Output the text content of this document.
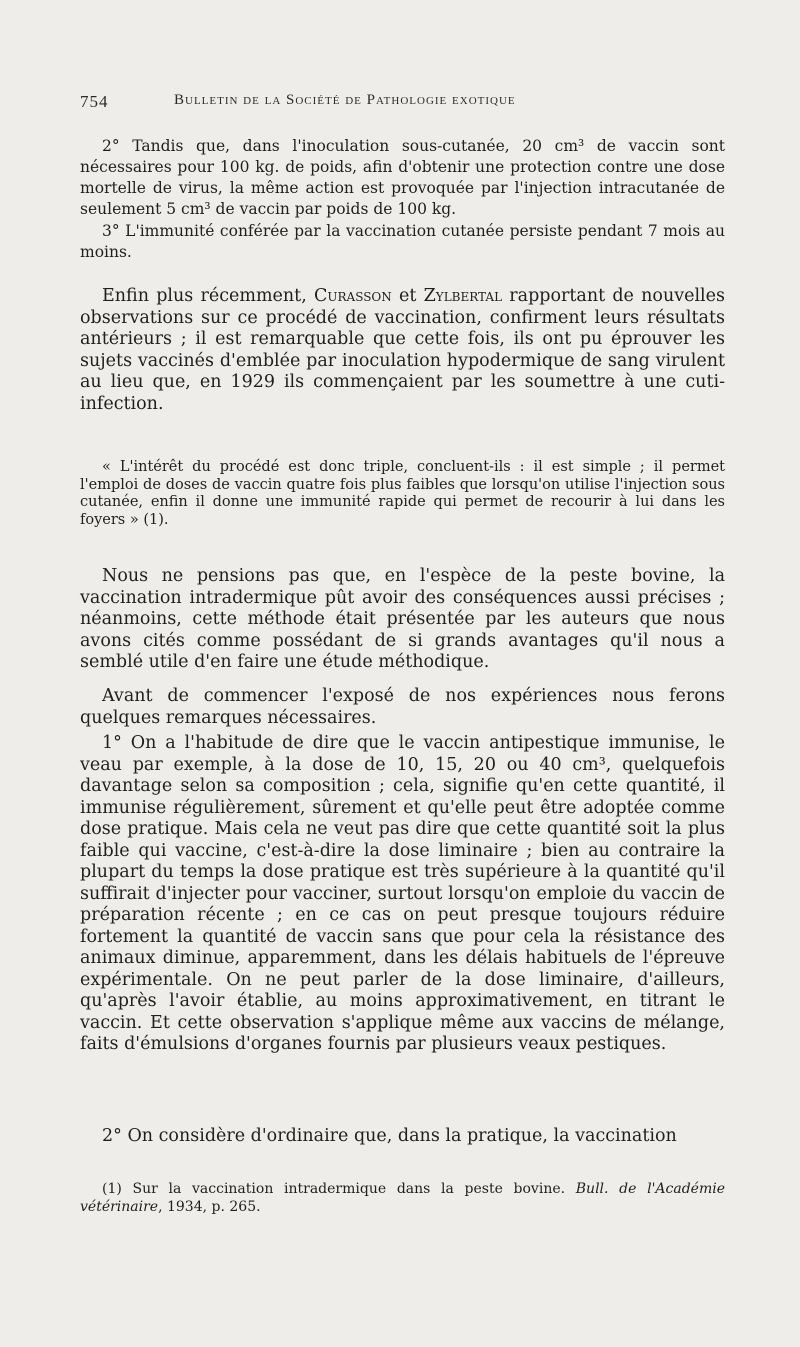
754	Bulletin de la Société de Pathologie exotique

2° Tandis que, dans l'inoculation sous-cutanée, 20 cm³ de vaccin sont nécessaires pour 100 kg. de poids, afin d'obtenir une protection contre une dose mortelle de virus, la même action est provoquée par l'injection intracutanée de seulement 5 cm³ de vaccin par poids de 100 kg.

3° L'immunité conférée par la vaccination cutanée persiste pendant 7 mois au moins.

Enfin plus récemment, Curasson et Zylbertal rapportant de nouvelles observations sur ce procédé de vaccination, confirment leurs résultats antérieurs ; il est remarquable que cette fois, ils ont pu éprouver les sujets vaccinés d'emblée par inoculation hypodermique de sang virulent au lieu que, en 1929 ils commençaient par les soumettre à une cuti-infection.

« L'intérêt du procédé est donc triple, concluent-ils : il est simple ; il permet l'emploi de doses de vaccin quatre fois plus faibles que lorsqu'on utilise l'injection sous cutanée, enfin il donne une immunité rapide qui permet de recourir à lui dans les foyers » (1).

Nous ne pensions pas que, en l'espèce de la peste bovine, la vaccination intradermique pût avoir des conséquences aussi précises ; néanmoins, cette méthode était présentée par les auteurs que nous avons cités comme possédant de si grands avantages qu'il nous a semblé utile d'en faire une étude méthodique.

Avant de commencer l'exposé de nos expériences nous ferons quelques remarques nécessaires.

1° On a l'habitude de dire que le vaccin antipestique immunise, le veau par exemple, à la dose de 10, 15, 20 ou 40 cm³, quelquefois davantage selon sa composition ; cela, signifie qu'en cette quantité, il immunise régulièrement, sûrement et qu'elle peut être adoptée comme dose pratique. Mais cela ne veut pas dire que cette quantité soit la plus faible qui vaccine, c'est-à-dire la dose liminaire ; bien au contraire la plupart du temps la dose pratique est très supérieure à la quantité qu'il suffirait d'injecter pour vacciner, surtout lorsqu'on emploie du vaccin de préparation récente ; en ce cas on peut presque toujours réduire fortement la quantité de vaccin sans que pour cela la résistance des animaux diminue, apparemment, dans les délais habituels de l'épreuve expérimentale. On ne peut parler de la dose liminaire, d'ailleurs, qu'après l'avoir établie, au moins approximativement, en titrant le vaccin. Et cette observation s'applique même aux vaccins de mélange, faits d'émulsions d'organes fournis par plusieurs veaux pestiques.

2° On considère d'ordinaire que, dans la pratique, la vaccination

(1) Sur la vaccination intradermique dans la peste bovine. Bull. de l'Académie vétérinaire, 1934, p. 265.
